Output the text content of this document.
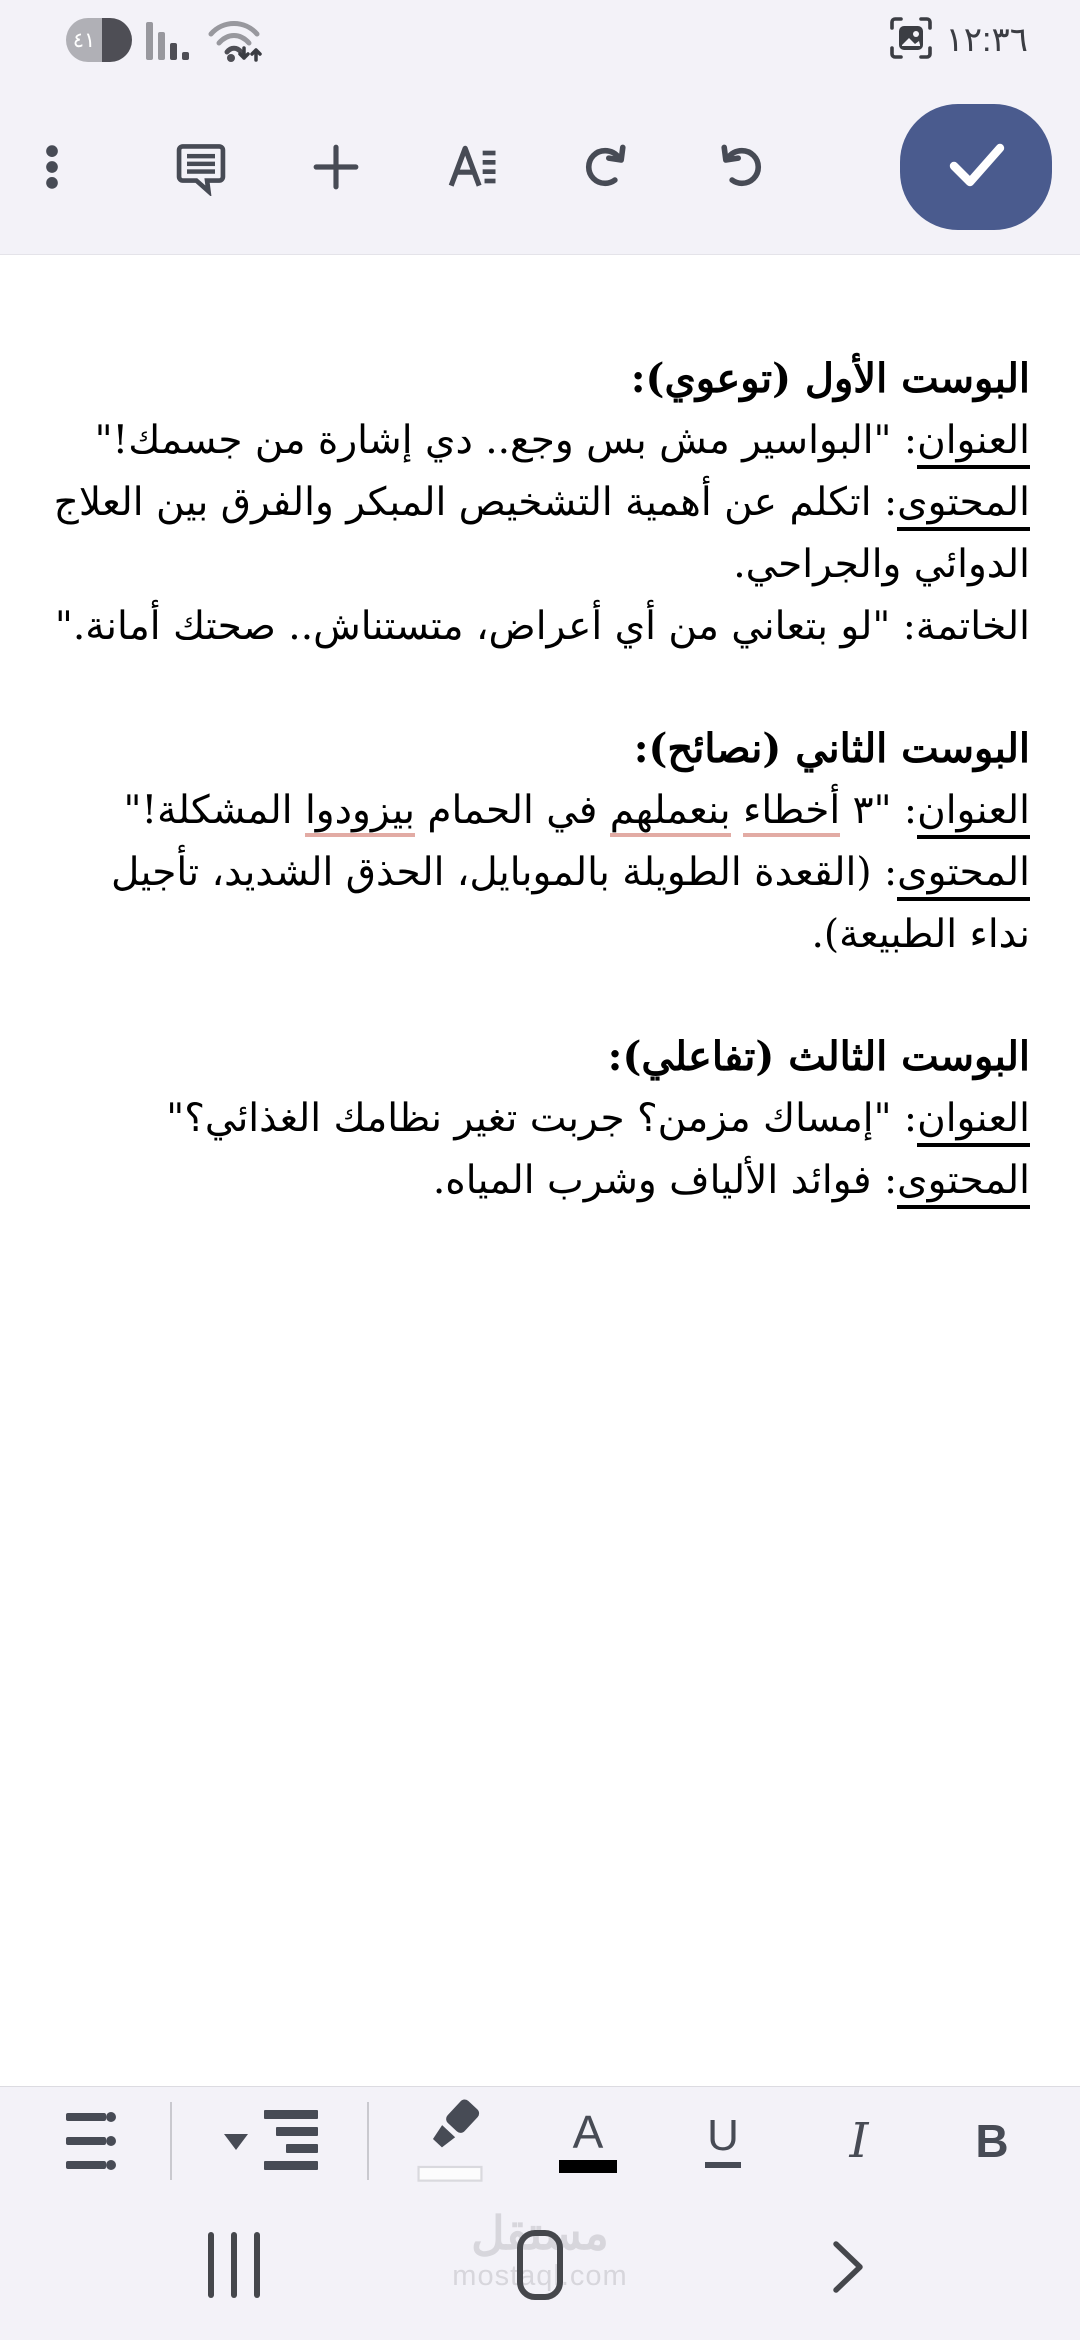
٤١	١٢:٣٦
البوست الأول (توعوي):

العنوان: "البواسير مش بس وجع.. دي إشارة من جسمك!"

المحتوى: اتكلم عن أهمية التشخيص المبكر والفرق بين العلاج الدوائي والجراحي.

الخاتمة: "لو بتعاني من أي أعراض، متستناش.. صحتك أمانة."

البوست الثاني (نصائح):

العنوان: "٣ أخطاء بنعملهم في الحمام بيزودوا المشكلة!"

المحتوى: (القعدة الطويلة بالموبايل، الحذق الشديد، تأجيل نداء الطبيعة).

البوست الثالث (تفاعلي):

العنوان: "إمساك مزمن؟ جربت تغير نظامك الغذائي؟"

المحتوى: فوائد الألياف وشرب المياه.

A U I B
مستقل
mostaql.com
